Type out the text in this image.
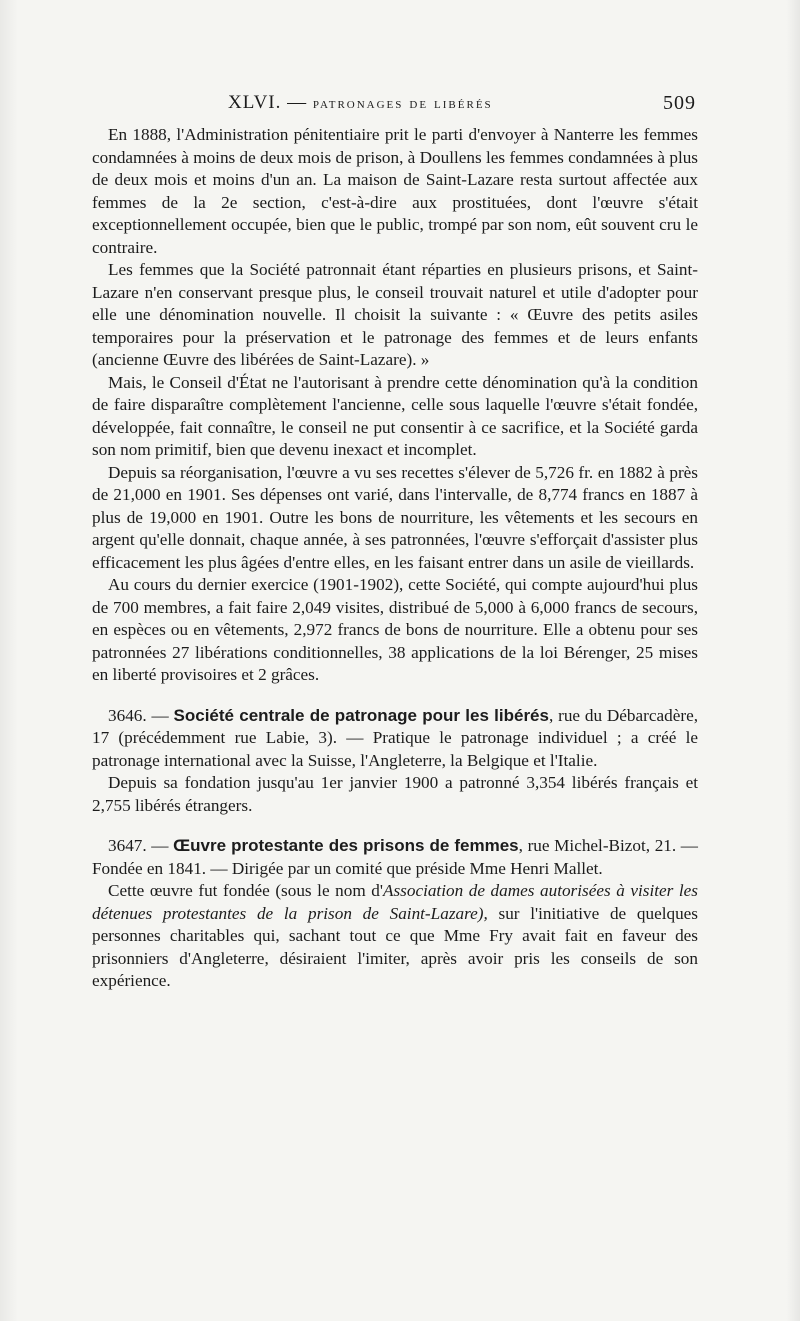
XLVI. — patronages de libérés	509

En 1888, l'Administration pénitentiaire prit le parti d'envoyer à Nanterre les femmes condamnées à moins de deux mois de prison, à Doullens les femmes condamnées à plus de deux mois et moins d'un an. La maison de Saint-Lazare resta surtout affectée aux femmes de la 2e section, c'est-à-dire aux prostituées, dont l'œuvre s'était exceptionnellement occupée, bien que le public, trompé par son nom, eût souvent cru le contraire.

Les femmes que la Société patronnait étant réparties en plusieurs prisons, et Saint-Lazare n'en conservant presque plus, le conseil trouvait naturel et utile d'adopter pour elle une dénomination nouvelle. Il choisit la suivante : « Œuvre des petits asiles temporaires pour la préservation et le patronage des femmes et de leurs enfants (ancienne Œuvre des libérées de Saint-Lazare). »

Mais, le Conseil d'État ne l'autorisant à prendre cette dénomination qu'à la condition de faire disparaître complètement l'ancienne, celle sous laquelle l'œuvre s'était fondée, développée, fait connaître, le conseil ne put consentir à ce sacrifice, et la Société garda son nom primitif, bien que devenu inexact et incomplet.

Depuis sa réorganisation, l'œuvre a vu ses recettes s'élever de 5,726 fr. en 1882 à près de 21,000 en 1901. Ses dépenses ont varié, dans l'intervalle, de 8,774 francs en 1887 à plus de 19,000 en 1901. Outre les bons de nourriture, les vêtements et les secours en argent qu'elle donnait, chaque année, à ses patronnées, l'œuvre s'efforçait d'assister plus efficacement les plus âgées d'entre elles, en les faisant entrer dans un asile de vieillards.

Au cours du dernier exercice (1901-1902), cette Société, qui compte aujourd'hui plus de 700 membres, a fait faire 2,049 visites, distribué de 5,000 à 6,000 francs de secours, en espèces ou en vêtements, 2,972 francs de bons de nourriture. Elle a obtenu pour ses patronnées 27 libérations conditionnelles, 38 applications de la loi Bérenger, 25 mises en liberté provisoires et 2 grâces.

3646. — Société centrale de patronage pour les libérés, rue du Débarcadère, 17 (précédemment rue Labie, 3). — Pratique le patronage individuel ; a créé le patronage international avec la Suisse, l'Angleterre, la Belgique et l'Italie.

Depuis sa fondation jusqu'au 1er janvier 1900 a patronné 3,354 libérés français et 2,755 libérés étrangers.

3647. — Œuvre protestante des prisons de femmes, rue Michel-Bizot, 21. — Fondée en 1841. — Dirigée par un comité que préside Mme Henri Mallet.

Cette œuvre fut fondée (sous le nom d'Association de dames autorisées à visiter les détenues protestantes de la prison de Saint-Lazare), sur l'initiative de quelques personnes charitables qui, sachant tout ce que Mme Fry avait fait en faveur des prisonniers d'Angleterre, désiraient l'imiter, après avoir pris les conseils de son expérience.
